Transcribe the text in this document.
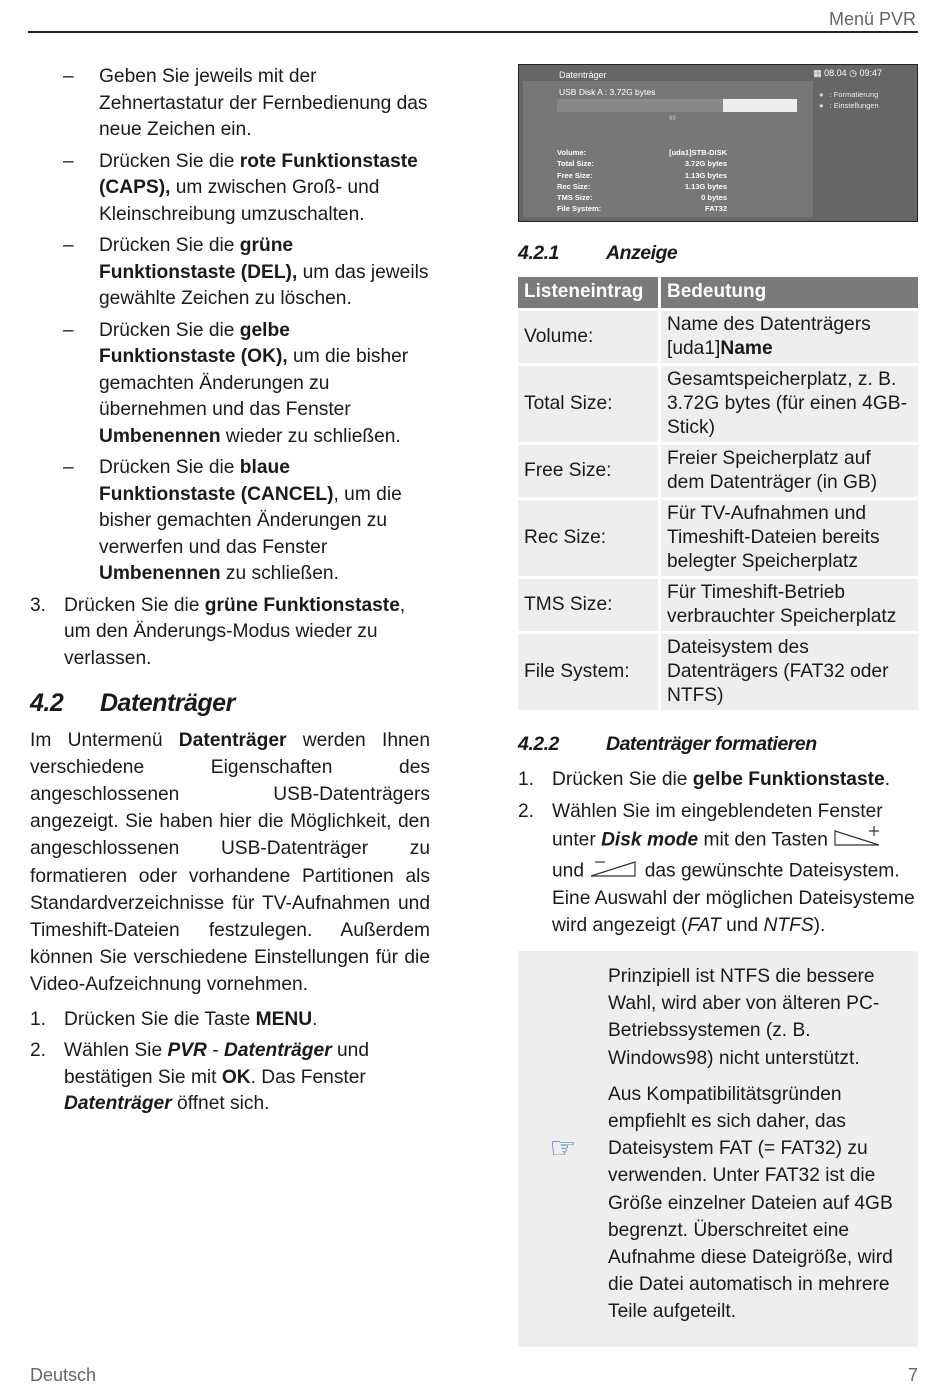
Menü PVR
–	Geben Sie jeweils mit der Zehnertastatur der Fernbedienung das neue Zeichen ein.
–	Drücken Sie die rote Funktionstaste (CAPS), um zwischen Groß- und Kleinschreibung umzuschalten.
–	Drücken Sie die grüne Funktionstaste (DEL), um das jeweils gewählte Zeichen zu löschen.
–	Drücken Sie die gelbe Funktionstaste (OK), um die bisher gemachten Änderungen zu übernehmen und das Fenster Umbenennen wieder zu schließen.
–	Drücken Sie die blaue Funktionstaste (CANCEL), um die bisher gemachten Änderungen zu verwerfen und das Fenster Umbenennen zu schließen.
3. Drücken Sie die grüne Funktionstaste, um den Änderungs-Modus wieder zu verlassen.
4.2	Datenträger
Im Untermenü Datenträger werden Ihnen verschiedene Eigenschaften des angeschlossenen USB-Datenträgers angezeigt. Sie haben hier die Möglichkeit, den angeschlossenen USB-Datenträger zu formatieren oder vorhandene Partitionen als Standardverzeichnisse für TV-Aufnahmen und Timeshift-Dateien festzulegen. Außerdem können Sie verschiedene Einstellungen für die Video-Aufzeichnung vornehmen.
1. Drücken Sie die Taste MENU.
2. Wählen Sie PVR - Datenträger und bestätigen Sie mit OK. Das Fenster Datenträger öffnet sich.
Datenträger	▦ 08.04 ◷ 09:47
USB Disk A : 3.72G bytes
69
● : Formatierung
● : Einstellungen
Volume:	[uda1]STB-DISK
Total Size:	3.72G bytes
Free Size:	1.13G bytes
Rec Size:	1.13G bytes
TMS Size:	0 bytes
File System:	FAT32
4.2.1	Anzeige
Listeneintrag	Bedeutung
Volume:	Name des Datenträgers [uda1]Name
Total Size:	Gesamtspeicherplatz, z. B. 3.72G bytes (für einen 4GB-Stick)
Free Size:	Freier Speicherplatz auf dem Datenträger (in GB)
Rec Size:	Für TV-Aufnahmen und Timeshift-Dateien bereits belegter Speicherplatz
TMS Size:	Für Timeshift-Betrieb verbrauchter Speicherplatz
File System:	Dateisystem des Datenträgers (FAT32 oder NTFS)
4.2.2	Datenträger formatieren
1. Drücken Sie die gelbe Funktionstaste.
2. Wählen Sie im eingeblendeten Fenster unter Disk mode mit den Tasten  und	das gewünschte Dateisystem. Eine Auswahl der möglichen Dateisysteme wird angezeigt (FAT und NTFS).
☞

Prinzipiell ist NTFS die bessere Wahl, wird aber von älteren PC-Betriebssystemen (z. B. Windows98) nicht unterstützt.

Aus Kompatibilitätsgründen empfiehlt es sich daher, das Dateisystem FAT (= FAT32) zu verwenden. Unter FAT32 ist die Größe einzelner Dateien auf 4GB begrenzt. Überschreitet eine Aufnahme diese Dateigröße, wird die Datei automatisch in mehrere Teile aufgeteilt.

Deutsch	7
